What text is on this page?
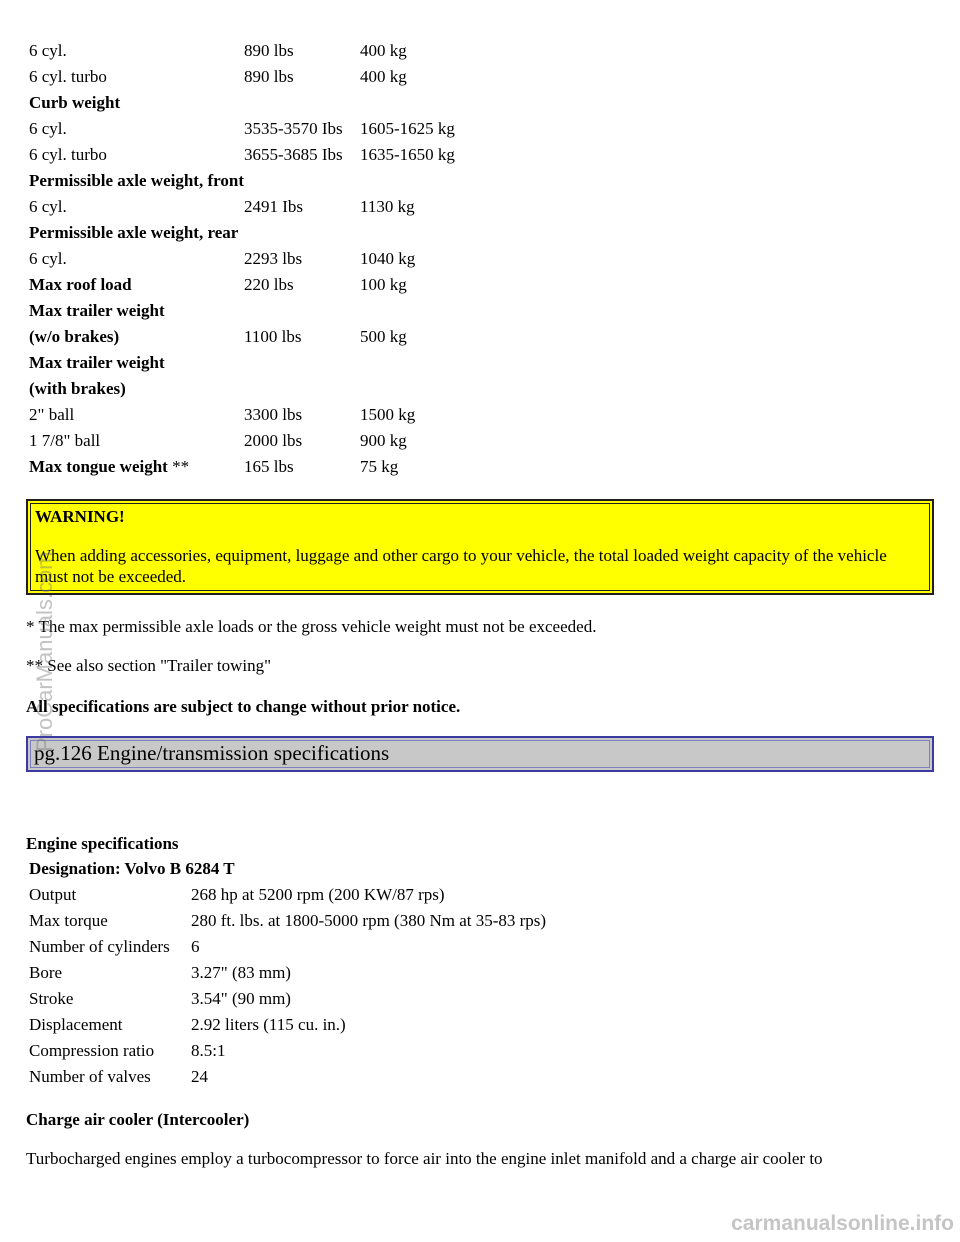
6 cyl.	890 lbs	400 kg
6 cyl. turbo	890 lbs	400 kg
Curb weight		
6 cyl.	3535-3570 Ibs	1605-1625 kg
6 cyl. turbo	3655-3685 Ibs	1635-1650 kg
Permissible axle weight, front		
6 cyl.	2491 Ibs	1130 kg
Permissible axle weight, rear		
6 cyl.	2293 lbs	1040 kg
Max roof load	220 lbs	100 kg
Max trailer weight		
(w/o brakes)	1100 lbs	500 kg
Max trailer weight		
(with brakes)		
2" ball	3300 lbs	1500 kg
1 7/8" ball	2000 lbs	900 kg
Max tongue weight **	165 lbs	75 kg
WARNING!
When adding accessories, equipment, luggage and other cargo to your vehicle, the total loaded weight capacity of the vehicle must not be exceeded.
* The max permissible axle loads or the gross vehicle weight must not be exceeded.
** See also section "Trailer towing"
All specifications are subject to change without prior notice.
pg.126 Engine/transmission specifications
Engine specifications
Designation: Volvo B 6284 T	
Output	268 hp at 5200 rpm (200 KW/87 rps)
Max torque	280 ft. lbs. at 1800-5000 rpm (380 Nm at 35-83 rps)
Number of cylinders	6
Bore	3.27" (83 mm)
Stroke	3.54" (90 mm)
Displacement	2.92 liters (115 cu. in.)
Compression ratio	8.5:1
Number of valves	24
Charge air cooler (Intercooler)
Turbocharged engines employ a turbocompressor to force air into the engine inlet manifold and a charge air cooler to
ProCarManuals.com
carmanualsonline.info
